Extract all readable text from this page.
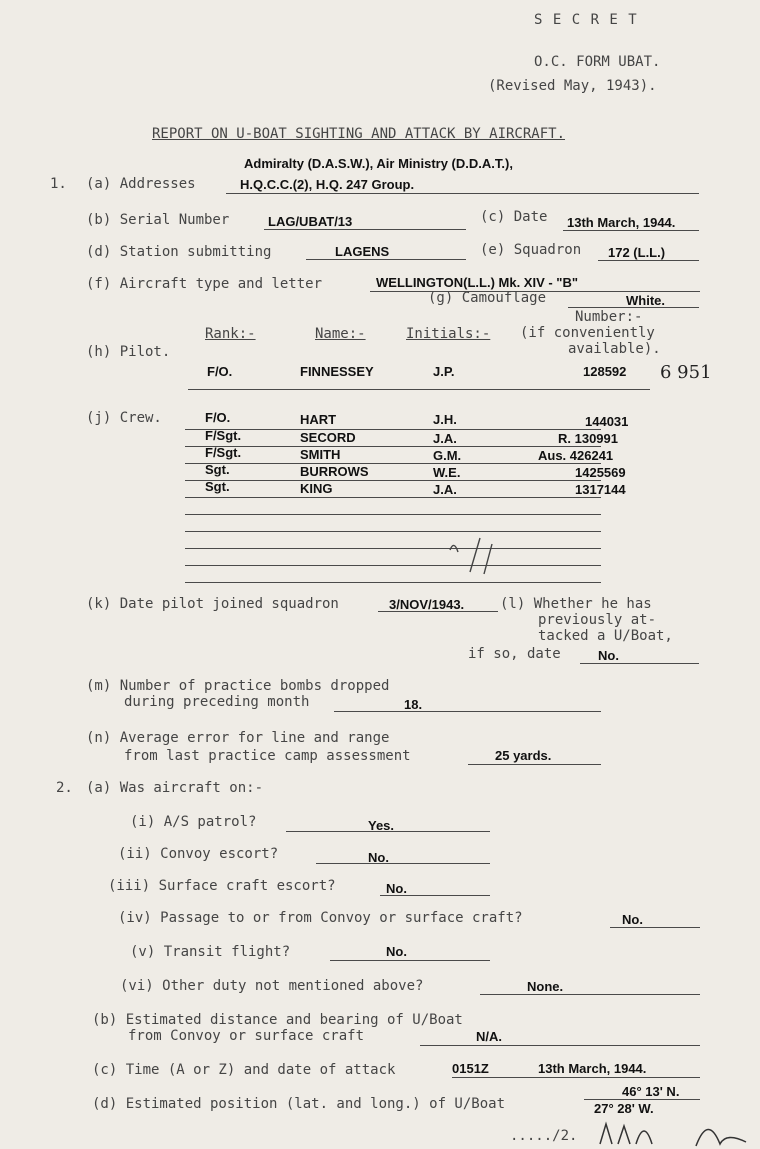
S E C R E T
O.C. FORM UBAT.
(Revised May, 1943).
REPORT ON U-BOAT SIGHTING AND ATTACK BY AIRCRAFT.
1. (a) Addresses
Admiralty (D.A.S.W.), Air Ministry (D.D.A.T.),
H.Q.C.C.(2), H.Q. 247 Group.
(b) Serial Number	LAG/UBAT/13	(c) Date 13th March, 1944.
(d) Station submitting	LAGENS	(e) Squadron 172 (L.L.)
(f) Aircraft type and letter	WELLINGTON(L.L.) Mk. XIV - "B"
(g) Camouflage	White.
Rank:-	Name:-	Initials:-
Number:-
(if conveniently
available).
(h) Pilot.
F/O.	FINNESSEY	J.P.	128592 6 951
(j) Crew.	F/O.	HART	J.H.	144031
F/Sgt.	SECORD	J.A.	R. 130991
F/Sgt.	SMITH	G.M.	Aus. 426241
Sgt.	BURROWS	W.E.	1425569
Sgt.	KING	J.A.	1317144
(k) Date pilot joined squadron	3/NOV/1943.	(l) Whether he has
previously at-
tacked a U/Boat,
if so, date	No.
(m) Number of practice bombs dropped
during preceding month	18.
(n) Average error for line and range
from last practice camp assessment	25 yards.
2. (a) Was aircraft on:-
(i) A/S patrol?	Yes.
(ii) Convoy escort?	No.
(iii) Surface craft escort?	No.
(iv) Passage to or from Convoy or surface craft?	No.
(v) Transit flight?	No.
(vi) Other duty not mentioned above?	None.
(b) Estimated distance and bearing of U/Boat
from Convoy or surface craft	N/A.
(c) Time (A or Z) and date of attack	0151Z	13th March, 1944.
(d) Estimated position (lat. and long.) of U/Boat
46° 13' N.
27° 28' W.
...../2.
